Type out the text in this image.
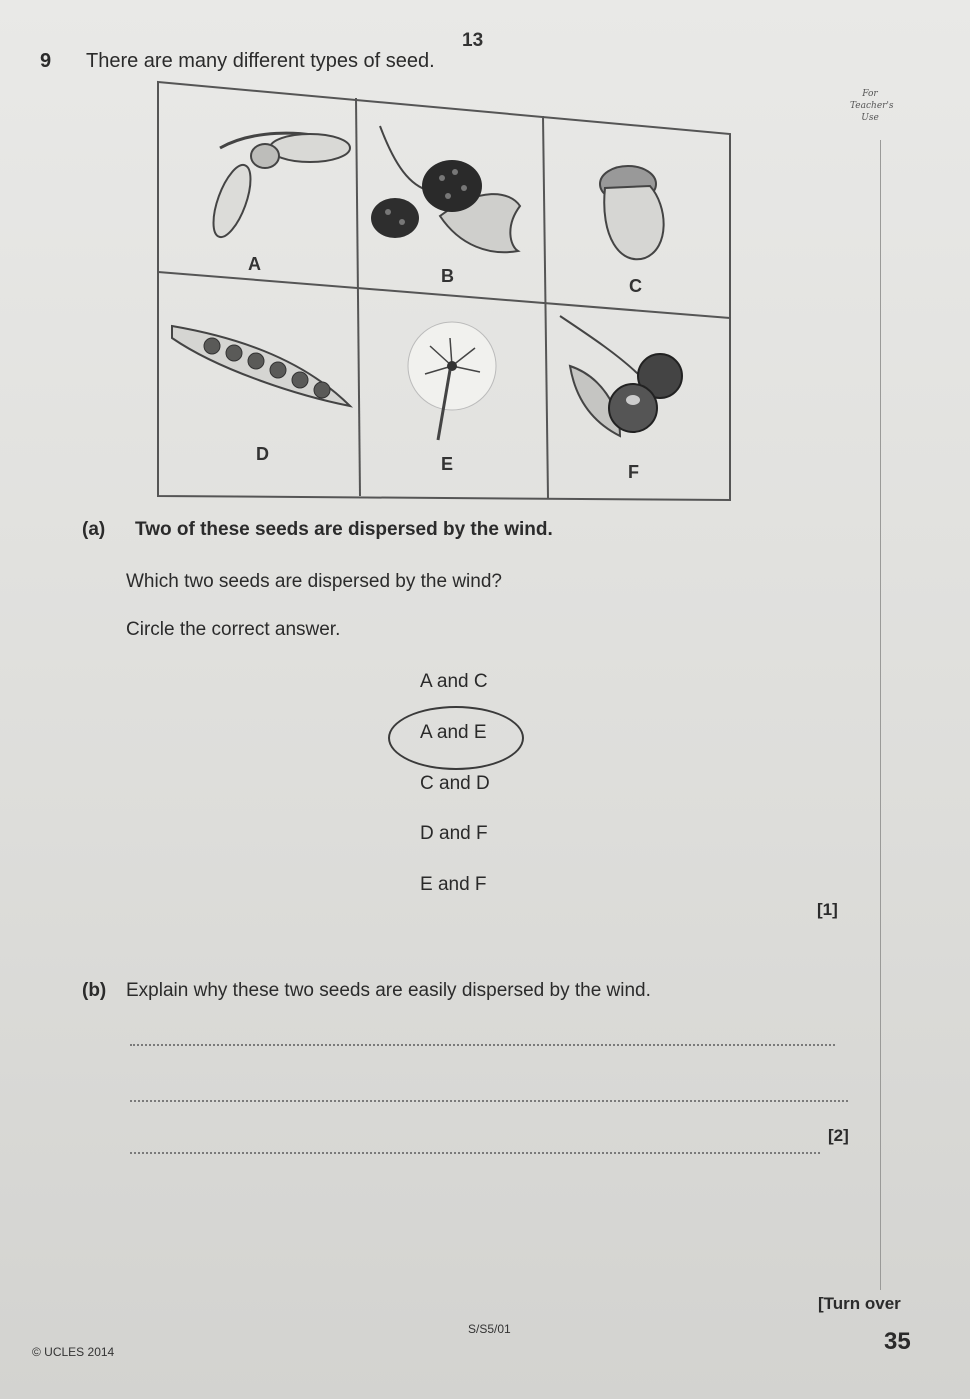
13
9 There are many different types of seed.
For
Teacher's
Use
A
B	C
D	E	F
(a) Two of these seeds are dispersed by the wind.
Which two seeds are dispersed by the wind?
Circle the correct answer.
A and C
A and E
C and D
D and F
E and F
[1]
(b) Explain why these two seeds are easily dispersed by the wind.
[2]
[Turn over
S/S5/01
© UCLES 2014	35
